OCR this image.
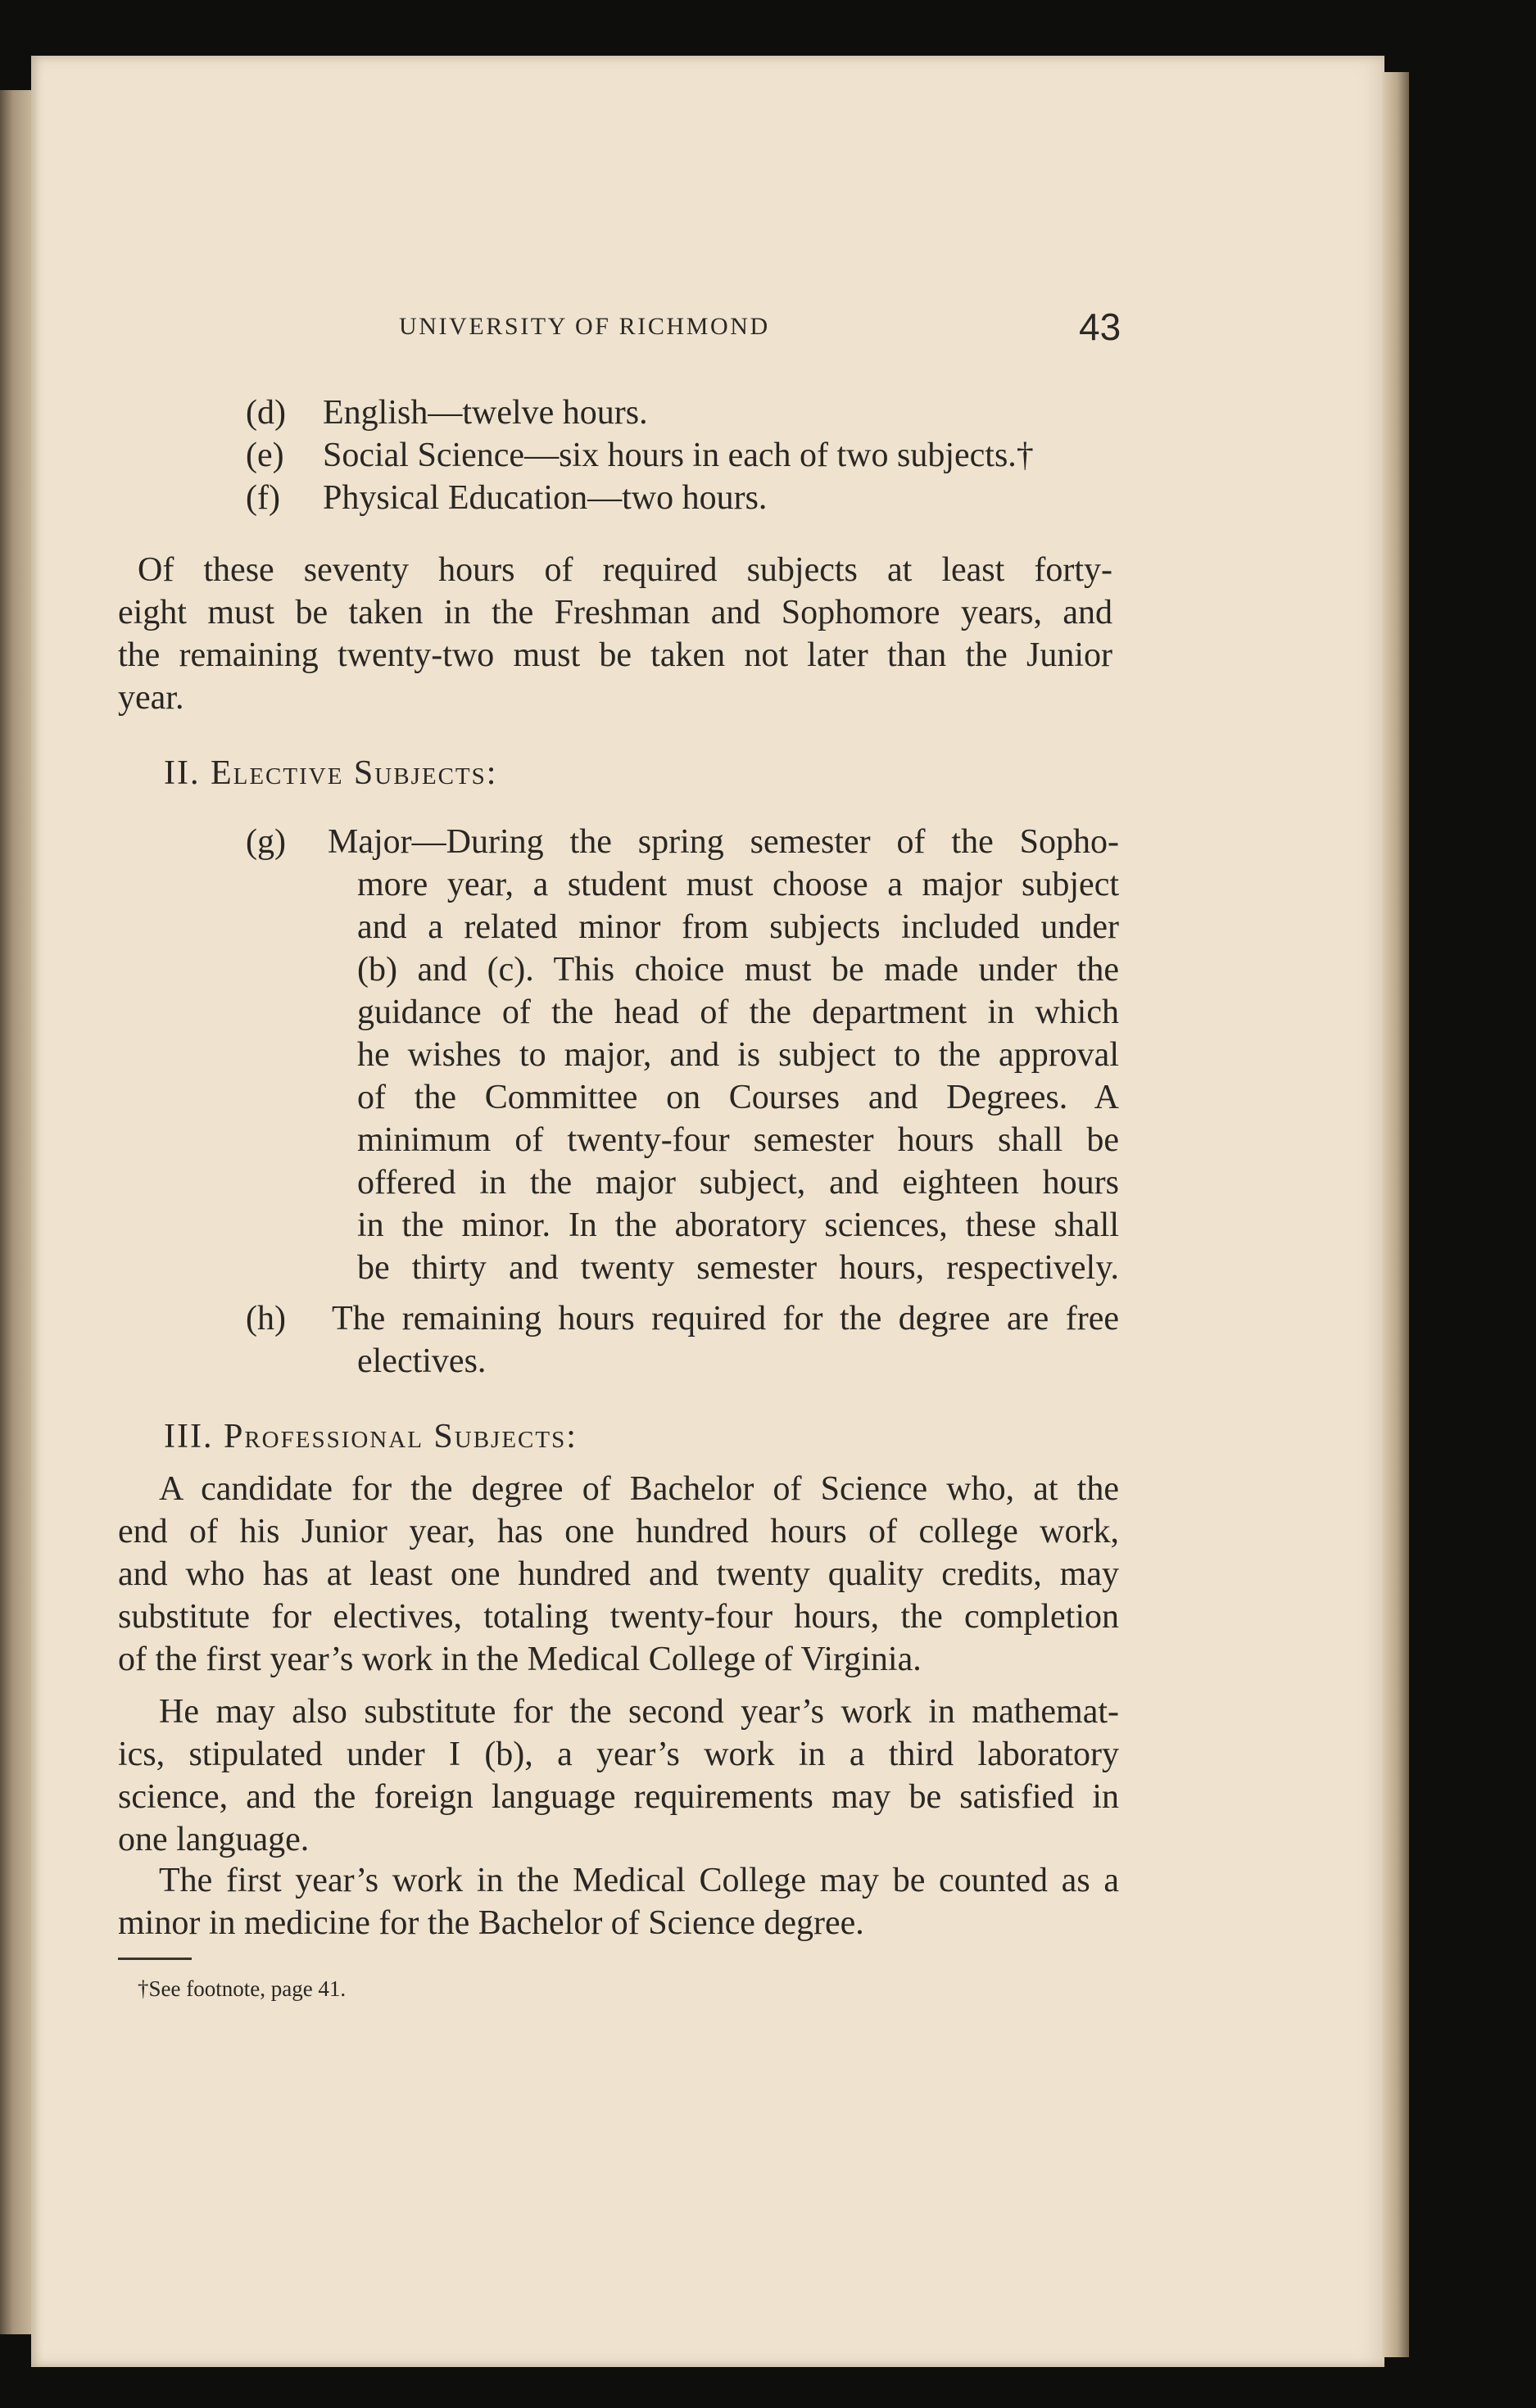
UNIVERSITY OF RICHMOND	43
(d) English—twelve hours.
(e) Social Science—six hours in each of two subjects.†
(f) Physical Education—two hours.
Of these seventy hours of required subjects at least forty-
eight must be taken in the Freshman and Sophomore years, and
the remaining twenty-two must be taken not later than the Junior
year.
II. Elective Subjects:
(g) Major—During the spring semester of the Sopho-
more year, a student must choose a major subject
and a related minor from subjects included under
(b) and (c). This choice must be made under the
guidance of the head of the department in which
he wishes to major, and is subject to the approval
of the Committee on Courses and Degrees. A
minimum of twenty-four semester hours shall be
offered in the major subject, and eighteen hours
in the minor. In the aboratory sciences, these shall
be thirty and twenty semester hours, respectively.
(h) The remaining hours required for the degree are free
electives.
III. Professional Subjects:
A candidate for the degree of Bachelor of Science who, at the
end of his Junior year, has one hundred hours of college work,
and who has at least one hundred and twenty quality credits, may
substitute for electives, totaling twenty-four hours, the completion
of the first year’s work in the Medical College of Virginia.
He may also substitute for the second year’s work in mathemat-
ics, stipulated under I (b), a year’s work in a third laboratory
science, and the foreign language requirements may be satisfied in
one language.
The first year’s work in the Medical College may be counted as a
minor in medicine for the Bachelor of Science degree.
†See footnote, page 41.
